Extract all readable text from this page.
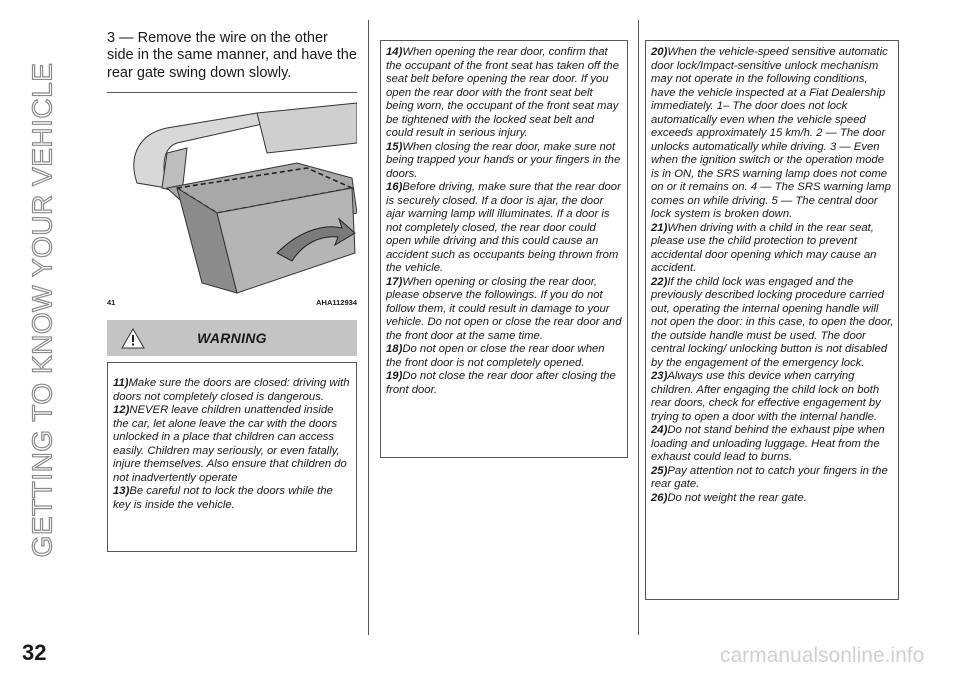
GETTING TO KNOW YOUR VEHICLE
32

3 — Remove the wire on the other side in the same manner, and have the rear gate swing down slowly.

41	AHA112934
WARNING

11)Make sure the doors are closed: driving with doors not completely closed is dangerous.

12)NEVER leave children unattended inside the car, let alone leave the car with the doors unlocked in a place that children can access easily. Children may seriously, or even fatally, injure themselves. Also ensure that children do not inadvertently operate

13)Be careful not to lock the doors while the key is inside the vehicle.

14)When opening the rear door, confirm that the occupant of the front seat has taken off the seat belt before opening the rear door. If you open the rear door with the front seat belt being worn, the occupant of the front seat may be tightened with the locked seat belt and could result in serious injury.

15)When closing the rear door, make sure not being trapped your hands or your fingers in the doors.

16)Before driving, make sure that the rear door is securely closed. If a door is ajar, the door ajar warning lamp will illuminates. If a door is not completely closed, the rear door could open while driving and this could cause an accident such as occupants being thrown from the vehicle.

17)When opening or closing the rear door, please observe the followings. If you do not follow them, it could result in damage to your vehicle. Do not open or close the rear door and the front door at the same time.

18)Do not open or close the rear door when the front door is not completely opened.

19)Do not close the rear door after closing the front door.

20)When the vehicle-speed sensitive automatic door lock/Impact-sensitive unlock mechanism may not operate in the following conditions, have the vehicle inspected at a Fiat Dealership immediately. 1– The door does not lock automatically even when the vehicle speed exceeds approximately 15 km/h. 2 — The door unlocks automatically while driving. 3 — Even when the ignition switch or the operation mode is in ON, the SRS warning lamp does not come on or it remains on. 4 — The SRS warning lamp comes on while driving. 5 — The central door lock system is broken down.

21)When driving with a child in the rear seat, please use the child protection to prevent accidental door opening which may cause an accident.

22)If the child lock was engaged and the previously described locking procedure carried out, operating the internal opening handle will not open the door: in this case, to open the door, the outside handle must be used. The door central locking/ unlocking button is not disabled by the engagement of the emergency lock.

23)Always use this device when carrying children. After engaging the child lock on both rear doors, check for effective engagement by trying to open a door with the internal handle.

24)Do not stand behind the exhaust pipe when loading and unloading luggage. Heat from the exhaust could lead to burns.

25)Pay attention not to catch your fingers in the rear gate.

26)Do not weight the rear gate.

carmanualsonline.info
